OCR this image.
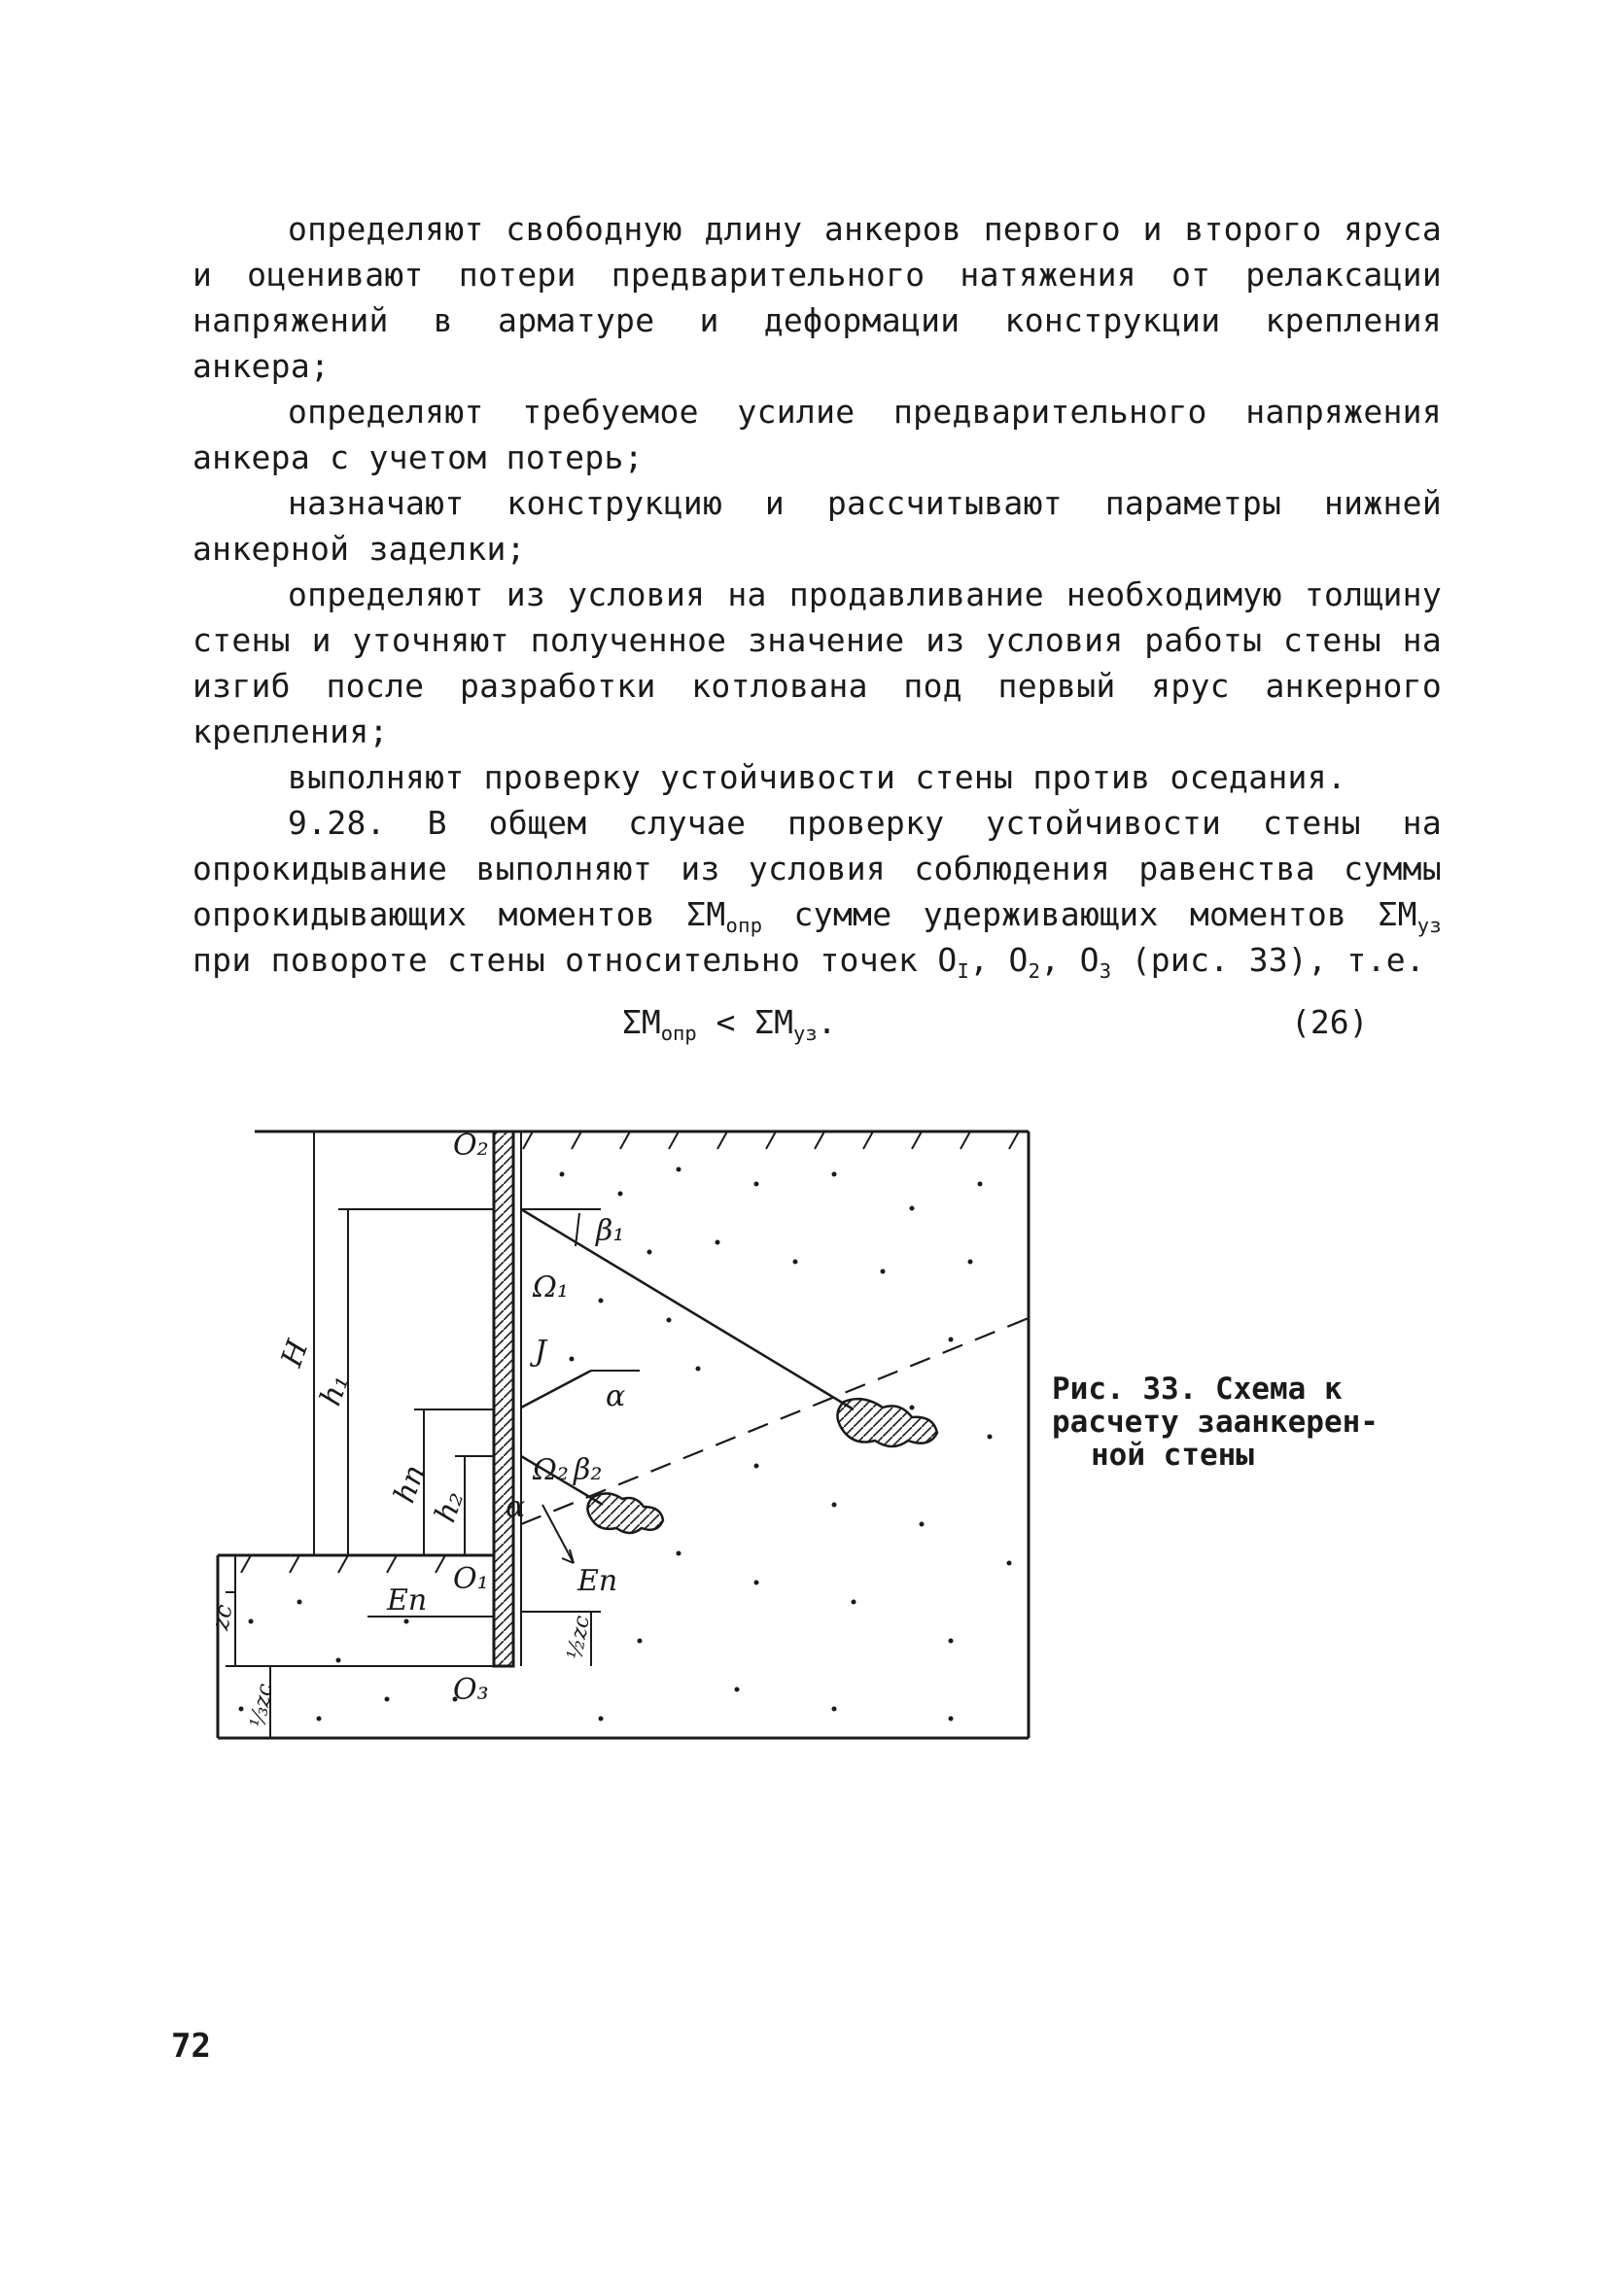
определяют свободную длину анкеров первого и второго яруса и оценивают потери предварительного натяжения от релаксации напряжений в арматуре и деформации конструкции крепления анкера;

определяют требуемое усилие предварительного напряжения анкера с учетом потерь;

назначают конструкцию и рассчитывают параметры нижней анкерной заделки;

определяют из условия на продавливание необходимую толщину стены и уточняют полученное значение из условия работы стены на изгиб после разработки котлована под первый ярус анкерного крепления;

выполняют проверку устойчивости стены против оседания.

9.28. В общем случае проверку устойчивости стены на опрокидывание выполняют из условия соблюдения равенства суммы опрокидывающих моментов $\Sigma M_{опр}$ сумме удерживающих моментов $\Sigma M_{уз}$ при повороте стены относительно точек $O_I$, $O_2$, $O_3$ (рис. 33), т.е.

$\Sigma M_{опр} < \Sigma M_{уз}$.	(26)
O₂
β₁
Ω₁
J
α
Ω₂ β₂
α
O₁	Eп
Eп
O₃
H
h₁
hп
h₂
zc	½zc
⅓zc
Рис. 33. Схема к
расчету заанкерен-
ной стены
72
